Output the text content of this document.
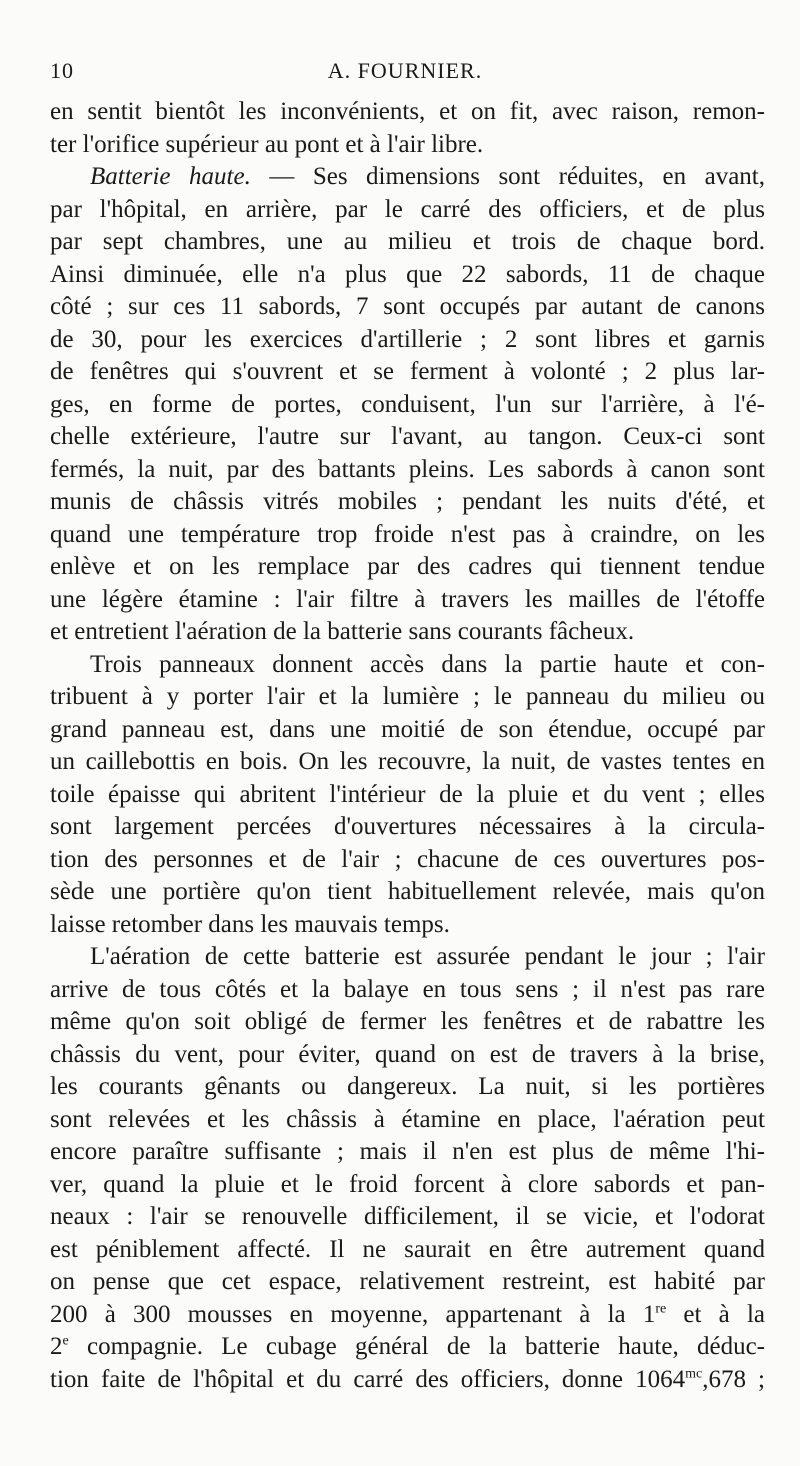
10	A. FOURNIER.
en sentit bientôt les inconvénients, et on fit, avec raison, remon-
ter l'orifice supérieur au pont et à l'air libre.
Batterie haute. — Ses dimensions sont réduites, en avant,
par l'hôpital, en arrière, par le carré des officiers, et de plus
par sept chambres, une au milieu et trois de chaque bord.
Ainsi diminuée, elle n'a plus que 22 sabords, 11 de chaque
côté ; sur ces 11 sabords, 7 sont occupés par autant de canons
de 30, pour les exercices d'artillerie ; 2 sont libres et garnis
de fenêtres qui s'ouvrent et se ferment à volonté ; 2 plus lar-
ges, en forme de portes, conduisent, l'un sur l'arrière, à l'é-
chelle extérieure, l'autre sur l'avant, au tangon. Ceux-ci sont
fermés, la nuit, par des battants pleins. Les sabords à canon sont
munis de châssis vitrés mobiles ; pendant les nuits d'été, et
quand une température trop froide n'est pas à craindre, on les
enlève et on les remplace par des cadres qui tiennent tendue
une légère étamine : l'air filtre à travers les mailles de l'étoffe
et entretient l'aération de la batterie sans courants fâcheux.
Trois panneaux donnent accès dans la partie haute et con-
tribuent à y porter l'air et la lumière ; le panneau du milieu ou
grand panneau est, dans une moitié de son étendue, occupé par
un caillebottis en bois. On les recouvre, la nuit, de vastes tentes en
toile épaisse qui abritent l'intérieur de la pluie et du vent ; elles
sont largement percées d'ouvertures nécessaires à la circula-
tion des personnes et de l'air ; chacune de ces ouvertures pos-
sède une portière qu'on tient habituellement relevée, mais qu'on
laisse retomber dans les mauvais temps.
L'aération de cette batterie est assurée pendant le jour ; l'air
arrive de tous côtés et la balaye en tous sens ; il n'est pas rare
même qu'on soit obligé de fermer les fenêtres et de rabattre les
châssis du vent, pour éviter, quand on est de travers à la brise,
les courants gênants ou dangereux. La nuit, si les portières
sont relevées et les châssis à étamine en place, l'aération peut
encore paraître suffisante ; mais il n'en est plus de même l'hi-
ver, quand la pluie et le froid forcent à clore sabords et pan-
neaux : l'air se renouvelle difficilement, il se vicie, et l'odorat
est péniblement affecté. Il ne saurait en être autrement quand
on pense que cet espace, relativement restreint, est habité par
200 à 300 mousses en moyenne, appartenant à la 1re et à la
2e compagnie. Le cubage général de la batterie haute, déduc-
tion faite de l'hôpital et du carré des officiers, donne $1064^{mc},678$ ;
